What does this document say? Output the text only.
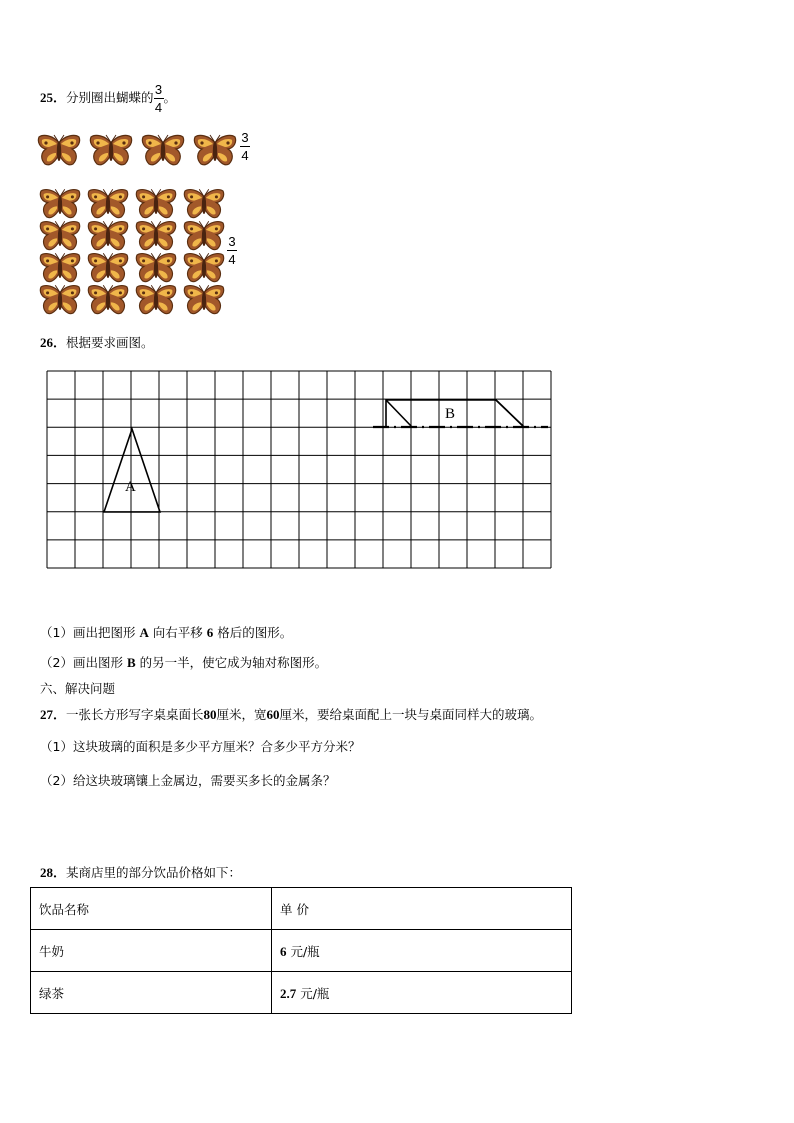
25．分别圈出蝴蝶的 $\frac{3}{4}$ 。
3
4
3
4
26．根据要求画图。
A
B
（1）画出把图形 A 向右平移 6 格后的图形。
（2）画出图形 B 的另一半，使它成为轴对称图形。
六、解决问题
27．一张长方形写字桌桌面长80厘米，宽60厘米，要给桌面配上一块与桌面同样大的玻璃。
（1）这块玻璃的面积是多少平方厘米？合多少平方分米？
（2）给这块玻璃镶上金属边，需要买多长的金属条？
28．某商店里的部分饮品价格如下：
饮品名称	单 价
牛奶	6 元/瓶
绿茶	2.7 元/瓶
